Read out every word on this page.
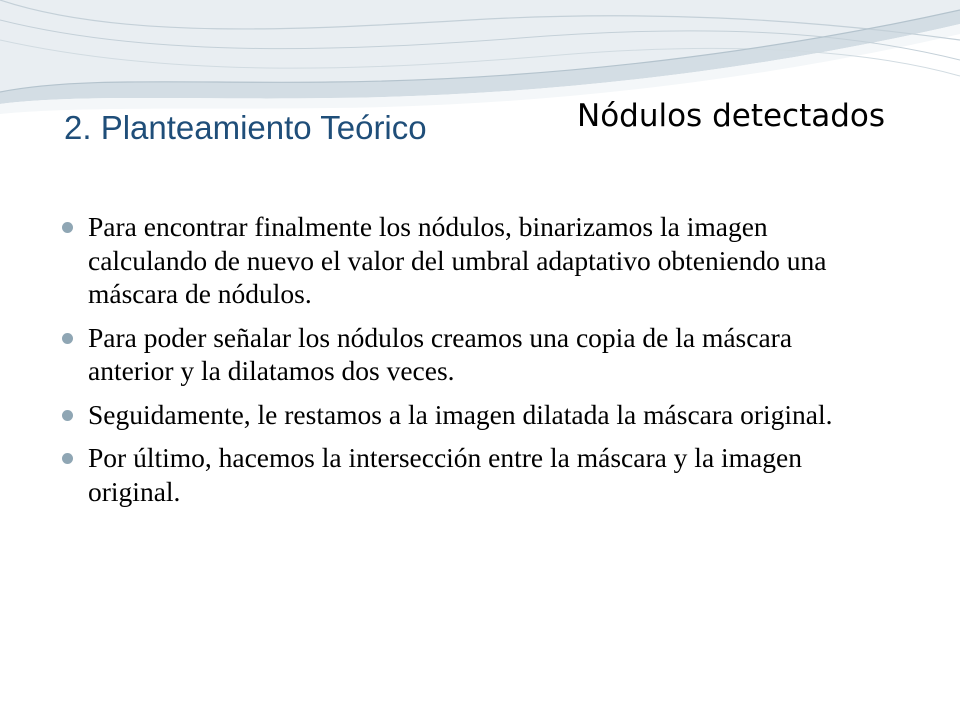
2. Planteamiento Teórico	Nódulos detectados
Para encontrar finalmente los nódulos, binarizamos la imagen calculando de nuevo el valor del umbral adaptativo obteniendo una máscara de nódulos.
Para poder señalar los nódulos creamos una copia de la máscara anterior y la dilatamos dos veces.
Seguidamente, le restamos a la imagen dilatada la máscara original.
Por último, hacemos la intersección entre la máscara y la imagen original.
